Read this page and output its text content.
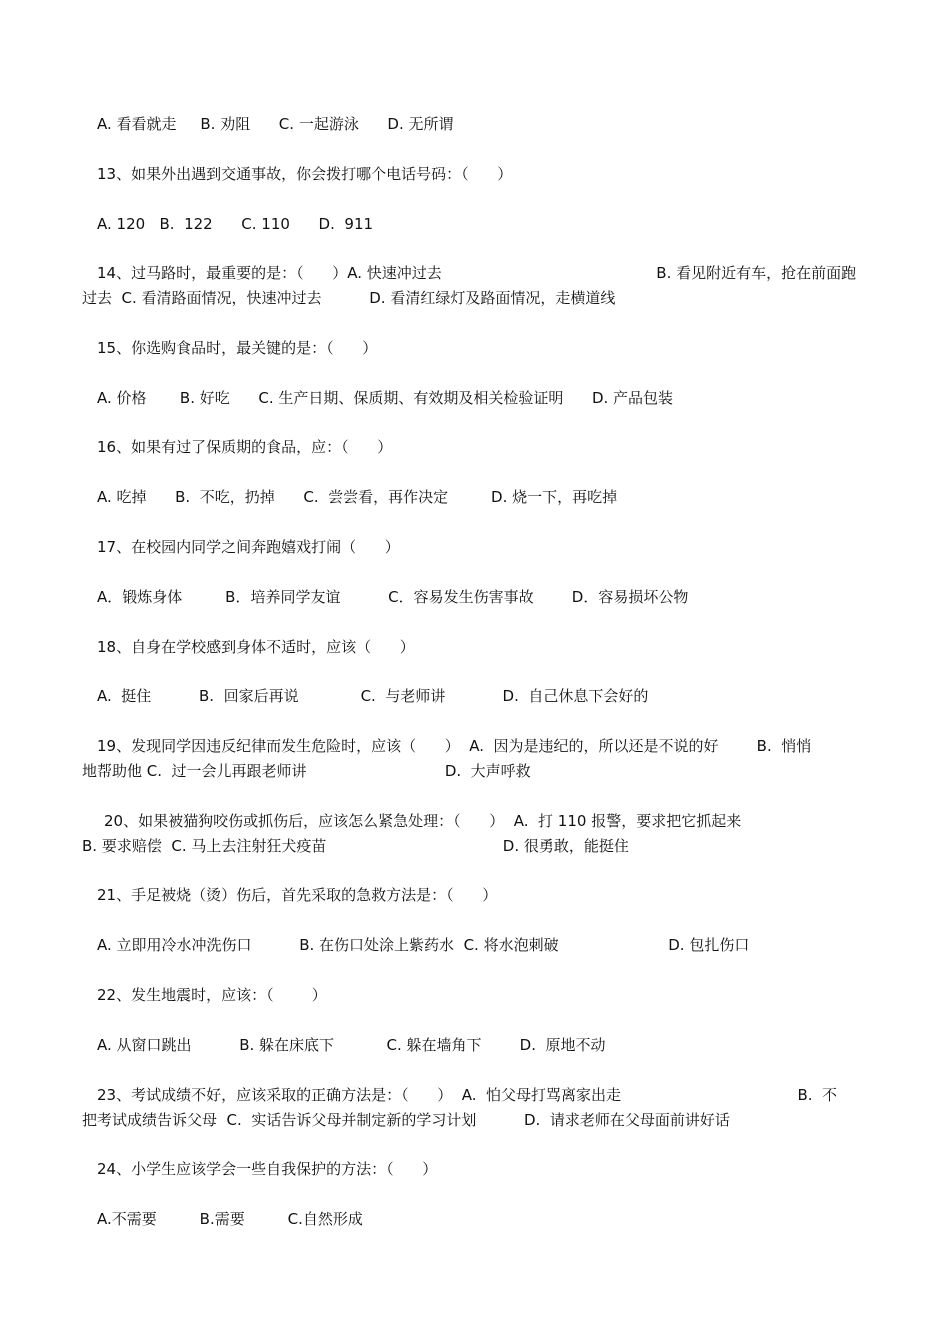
A. 看看就走     B. 劝阻      C. 一起游泳      D. 无所谓
13、如果外出遇到交通事故，你会拨打哪个电话号码：（      ）
A. 120   B.  122      C. 110      D.  911
14、过马路时，最重要的是：（      ）A. 快速冲过去                                             B. 看见附近有车，抢在前面跑
过去  C. 看清路面情况，快速冲过去          D. 看清红绿灯及路面情况，走横道线
15、你选购食品时，最关键的是：（      ）
A. 价格       B. 好吃      C. 生产日期、保质期、有效期及相关检验证明      D. 产品包装
16、如果有过了保质期的食品，应：（      ）
A. 吃掉      B.  不吃，扔掉      C.  尝尝看，再作决定         D. 烧一下，再吃掉
17、在校园内同学之间奔跑嬉戏打闹（      ）
A．锻炼身体         B．培养同学友谊          C．容易发生伤害事故        D．容易损坏公物
18、自身在学校感到身体不适时，应该（      ）
A.  挺住          B.  回家后再说             C.  与老师讲            D.  自己休息下会好的
19、发现同学因违反纪律而发生危险时，应该（      ）  A.  因为是违纪的，所以还是不说的好        B.  悄悄
地帮助他 C.  过一会儿再跟老师讲                             D.  大声呼救
20、如果被猫狗咬伤或抓伤后，应该怎么紧急处理：（      ）  A.  打 110 报警，要求把它抓起来
B. 要求赔偿  C. 马上去注射狂犬疫苗                                     D. 很勇敢，能挺住
21、手足被烧（烫）伤后，首先采取的急救方法是：（      ）
A. 立即用冷水冲洗伤口          B. 在伤口处涂上紫药水  C. 将水泡刺破                       D. 包扎伤口
22、发生地震时，应该：（        ）
A. 从窗口跳出          B. 躲在床底下           C. 躲在墙角下        D.  原地不动
23、考试成绩不好，应该采取的正确方法是：（      ）  A.  怕父母打骂离家出走                                     B.  不
把考试成绩告诉父母  C.  实话告诉父母并制定新的学习计划          D.  请求老师在父母面前讲好话
24、小学生应该学会一些自我保护的方法：（      ）
A.不需要         B.需要         C.自然形成
